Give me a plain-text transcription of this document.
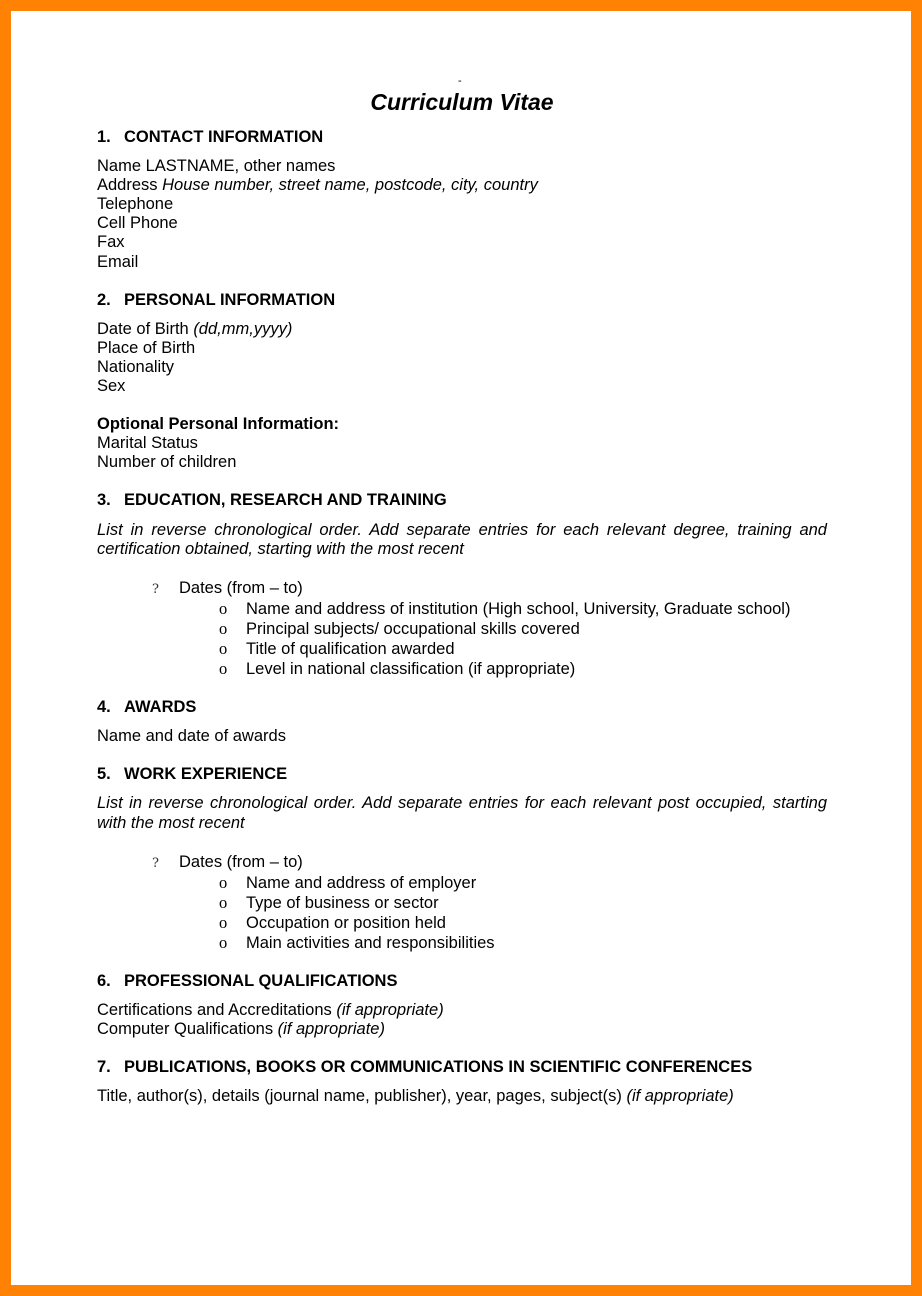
-
Curriculum Vitae

1. CONTACT INFORMATION

Name LASTNAME, other names

Address House number, street name, postcode, city, country

Telephone

Cell Phone

Fax

Email

2. PERSONAL INFORMATION

Date of Birth (dd,mm,yyyy)

Place of Birth

Nationality

Sex

Optional Personal Information:

Marital Status

Number of children

3. EDUCATION, RESEARCH AND TRAINING

List in reverse chronological order. Add separate entries for each relevant degree, training and certification obtained, starting with the most recent

? Dates (from – to)

o Name and address of institution (High school, University, Graduate school)

o Principal subjects/ occupational skills covered

o Title of qualification awarded

o Level in national classification (if appropriate)

4. AWARDS

Name and date of awards

5. WORK EXPERIENCE

List in reverse chronological order. Add separate entries for each relevant post occupied, starting with the most recent

? Dates (from – to)

o Name and address of employer

o Type of business or sector

o Occupation or position held

o Main activities and responsibilities

6. PROFESSIONAL QUALIFICATIONS

Certifications and Accreditations (if appropriate)

Computer Qualifications (if appropriate)

7. PUBLICATIONS, BOOKS OR COMMUNICATIONS IN SCIENTIFIC CONFERENCES

Title, author(s), details (journal name, publisher), year, pages, subject(s) (if appropriate)
